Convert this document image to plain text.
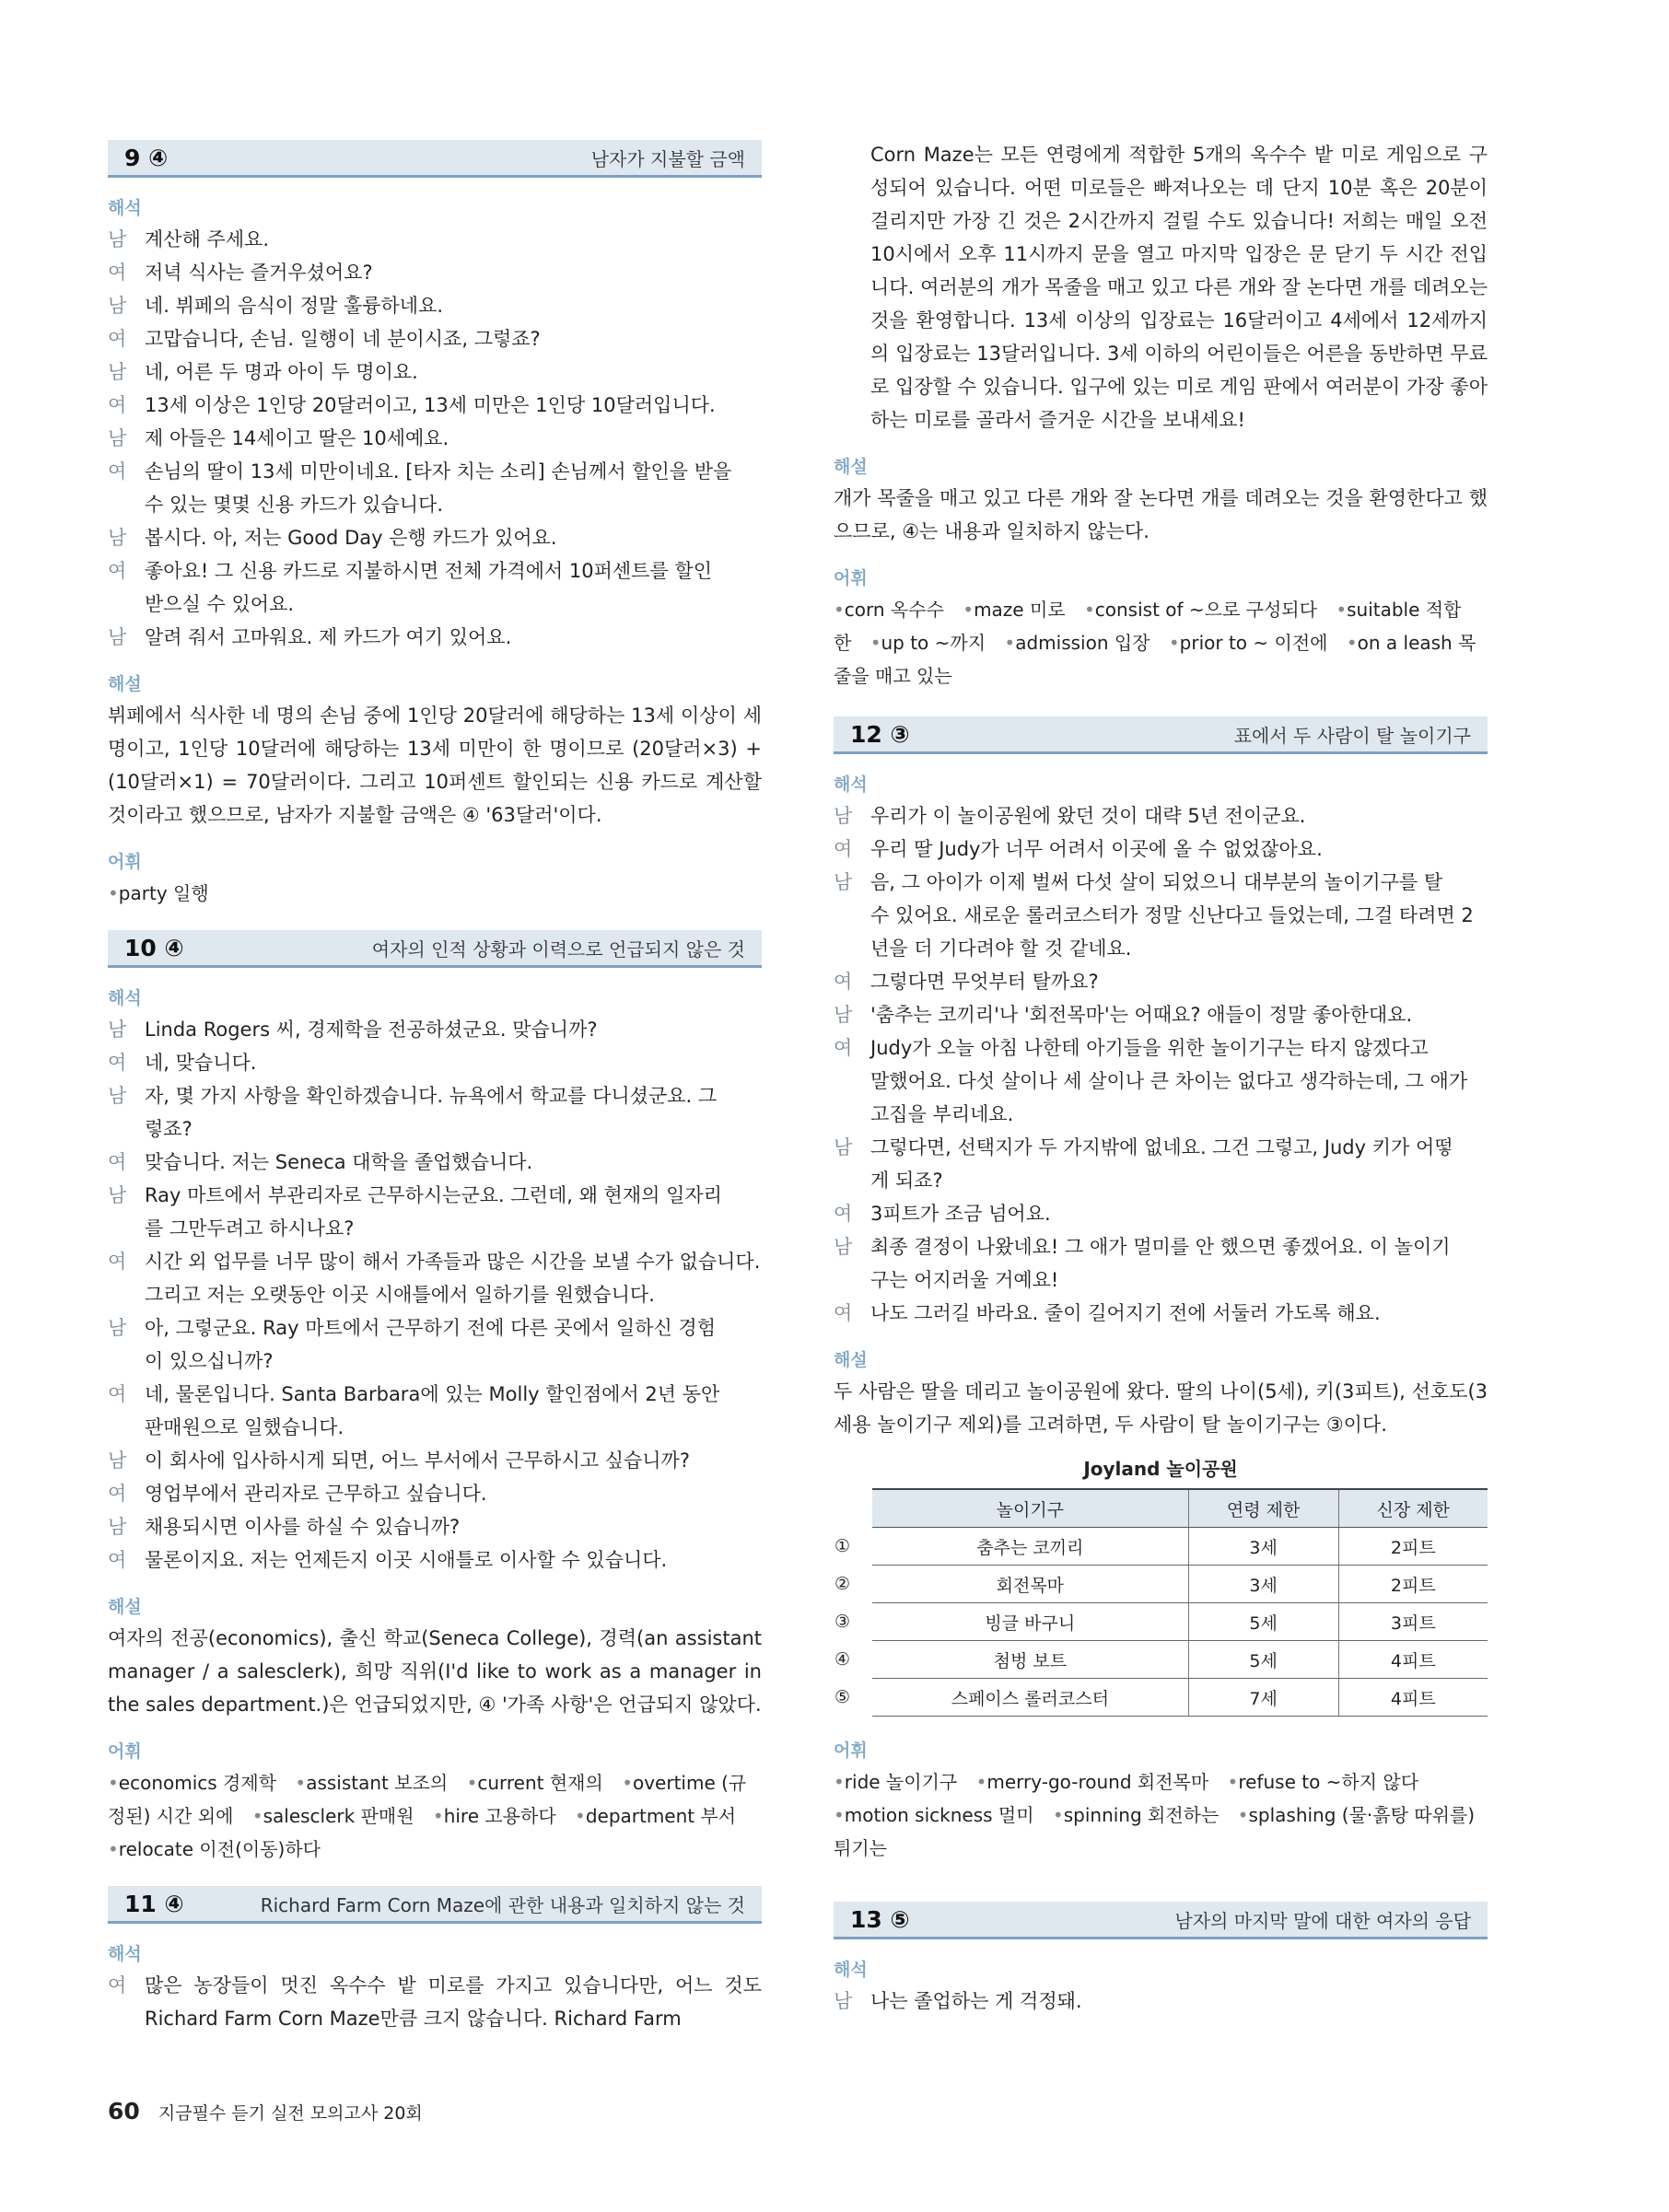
9 ④	남자가 지불할 금액
해석
남 계산해 주세요.
여 저녁 식사는 즐거우셨어요?
남 네. 뷔페의 음식이 정말 훌륭하네요.
여 고맙습니다, 손님. 일행이 네 분이시죠, 그렇죠?
남 네, 어른 두 명과 아이 두 명이요.
여 13세 이상은 1인당 20달러이고, 13세 미만은 1인당 10달러입니다.
남 제 아들은 14세이고 딸은 10세예요.
여 손님의 딸이 13세 미만이네요. [타자 치는 소리] 손님께서 할인을 받을
수 있는 몇몇 신용 카드가 있습니다.
남 봅시다. 아, 저는 Good Day 은행 카드가 있어요.
여 좋아요! 그 신용 카드로 지불하시면 전체 가격에서 10퍼센트를 할인
받으실 수 있어요.
남 알려 줘서 고마워요. 제 카드가 여기 있어요.
해설
뷔페에서 식사한 네 명의 손님 중에 1인당 20달러에 해당하는 13세 이상이 세 명이고, 1인당 10달러에 해당하는 13세 미만이 한 명이므로 (20달러×3) + (10달러×1) = 70달러이다. 그리고 10퍼센트 할인되는 신용 카드로 계산할 것이라고 했으므로, 남자가 지불할 금액은 ④ '63달러'이다.
어휘
• party 일행
10 ④	여자의 인적 상황과 이력으로 언급되지 않은 것
해석
남 Linda Rogers 씨, 경제학을 전공하셨군요. 맞습니까?
여 네, 맞습니다.
남 자, 몇 가지 사항을 확인하겠습니다. 뉴욕에서 학교를 다니셨군요. 그
렇죠?
여 맞습니다. 저는 Seneca 대학을 졸업했습니다.
남 Ray 마트에서 부관리자로 근무하시는군요. 그런데, 왜 현재의 일자리
를 그만두려고 하시나요?
여 시간 외 업무를 너무 많이 해서 가족들과 많은 시간을 보낼 수가 없습니다.
그리고 저는 오랫동안 이곳 시애틀에서 일하기를 원했습니다.
남 아, 그렇군요. Ray 마트에서 근무하기 전에 다른 곳에서 일하신 경험
이 있으십니까?
여 네, 물론입니다. Santa Barbara에 있는 Molly 할인점에서 2년 동안
판매원으로 일했습니다.
남 이 회사에 입사하시게 되면, 어느 부서에서 근무하시고 싶습니까?
여 영업부에서 관리자로 근무하고 싶습니다.
남 채용되시면 이사를 하실 수 있습니까?
여 물론이지요. 저는 언제든지 이곳 시애틀로 이사할 수 있습니다.
해설
여자의 전공(economics), 출신 학교(Seneca College), 경력(an assistant manager / a salesclerk), 희망 직위(I'd like to work as a manager in the sales department.)은 언급되었지만, ④ '가족 사항'은 언급되지 않았다.
어휘
• economics 경제학 • assistant 보조의 • current 현재의 • overtime (규정된) 시간 외에 • salesclerk 판매원 • hire 고용하다 • department 부서 • relocate 이전(이동)하다
11 ④	Richard Farm Corn Maze에 관한 내용과 일치하지 않는 것
해석
여 많은 농장들이 멋진 옥수수 밭 미로를 가지고 있습니다만, 어느 것도 Richard Farm Corn Maze만큼 크지 않습니다. Richard Farm
Corn Maze는 모든 연령에게 적합한 5개의 옥수수 밭 미로 게임으로 구성되어 있습니다. 어떤 미로들은 빠져나오는 데 단지 10분 혹은 20분이 걸리지만 가장 긴 것은 2시간까지 걸릴 수도 있습니다! 저희는 매일 오전 10시에서 오후 11시까지 문을 열고 마지막 입장은 문 닫기 두 시간 전입니다. 여러분의 개가 목줄을 매고 있고 다른 개와 잘 논다면 개를 데려오는 것을 환영합니다. 13세 이상의 입장료는 16달러이고 4세에서 12세까지의 입장료는 13달러입니다. 3세 이하의 어린이들은 어른을 동반하면 무료로 입장할 수 있습니다. 입구에 있는 미로 게임 판에서 여러분이 가장 좋아하는 미로를 골라서 즐거운 시간을 보내세요!
해설
개가 목줄을 매고 있고 다른 개와 잘 논다면 개를 데려오는 것을 환영한다고 했으므로, ④는 내용과 일치하지 않는다.
어휘
• corn 옥수수 • maze 미로 • consist of ~으로 구성되다 • suitable 적합한 • up to ~까지 • admission 입장 • prior to ~ 이전에 • on a leash 목줄을 매고 있는
12 ③	표에서 두 사람이 탈 놀이기구
해석
남 우리가 이 놀이공원에 왔던 것이 대략 5년 전이군요.
여 우리 딸 Judy가 너무 어려서 이곳에 올 수 없었잖아요.
남 음, 그 아이가 이제 벌써 다섯 살이 되었으니 대부분의 놀이기구를 탈
수 있어요. 새로운 롤러코스터가 정말 신난다고 들었는데, 그걸 타려면 2년을 더 기다려야 할 것 같네요.
여 그렇다면 무엇부터 탈까요?
남 '춤추는 코끼리'나 '회전목마'는 어때요? 애들이 정말 좋아한대요.
여 Judy가 오늘 아침 나한테 아기들을 위한 놀이기구는 타지 않겠다고
말했어요. 다섯 살이나 세 살이나 큰 차이는 없다고 생각하는데, 그 애가 고집을 부리네요.
남 그렇다면, 선택지가 두 가지밖에 없네요. 그건 그렇고, Judy 키가 어떻
게 되죠?
여 3피트가 조금 넘어요.
남 최종 결정이 나왔네요! 그 애가 멀미를 안 했으면 좋겠어요. 이 놀이기
구는 어지러울 거예요!
여 나도 그러길 바라요. 줄이 길어지기 전에 서둘러 가도록 해요.
해설
두 사람은 딸을 데리고 놀이공원에 왔다. 딸의 나이(5세), 키(3피트), 선호도(3세용 놀이기구 제외)를 고려하면, 두 사람이 탈 놀이기구는 ③이다.
Joyland 놀이공원
	놀이기구	연령 제한	신장 제한
①	춤추는 코끼리	3세	2피트
②	회전목마	3세	2피트
③	빙글 바구니	5세	3피트
④	첨벙 보트	5세	4피트
⑤	스페이스 롤러코스터	7세	4피트
어휘
• ride 놀이기구 • merry-go-round 회전목마 • refuse to ~하지 않다 • motion sickness 멀미 • spinning 회전하는 • splashing (물·흙탕 따위를) 튀기는
13 ⑤	남자의 마지막 말에 대한 여자의 응답
해석
남 나는 졸업하는 게 걱정돼.
60 지금필수 듣기 실전 모의고사 20회
